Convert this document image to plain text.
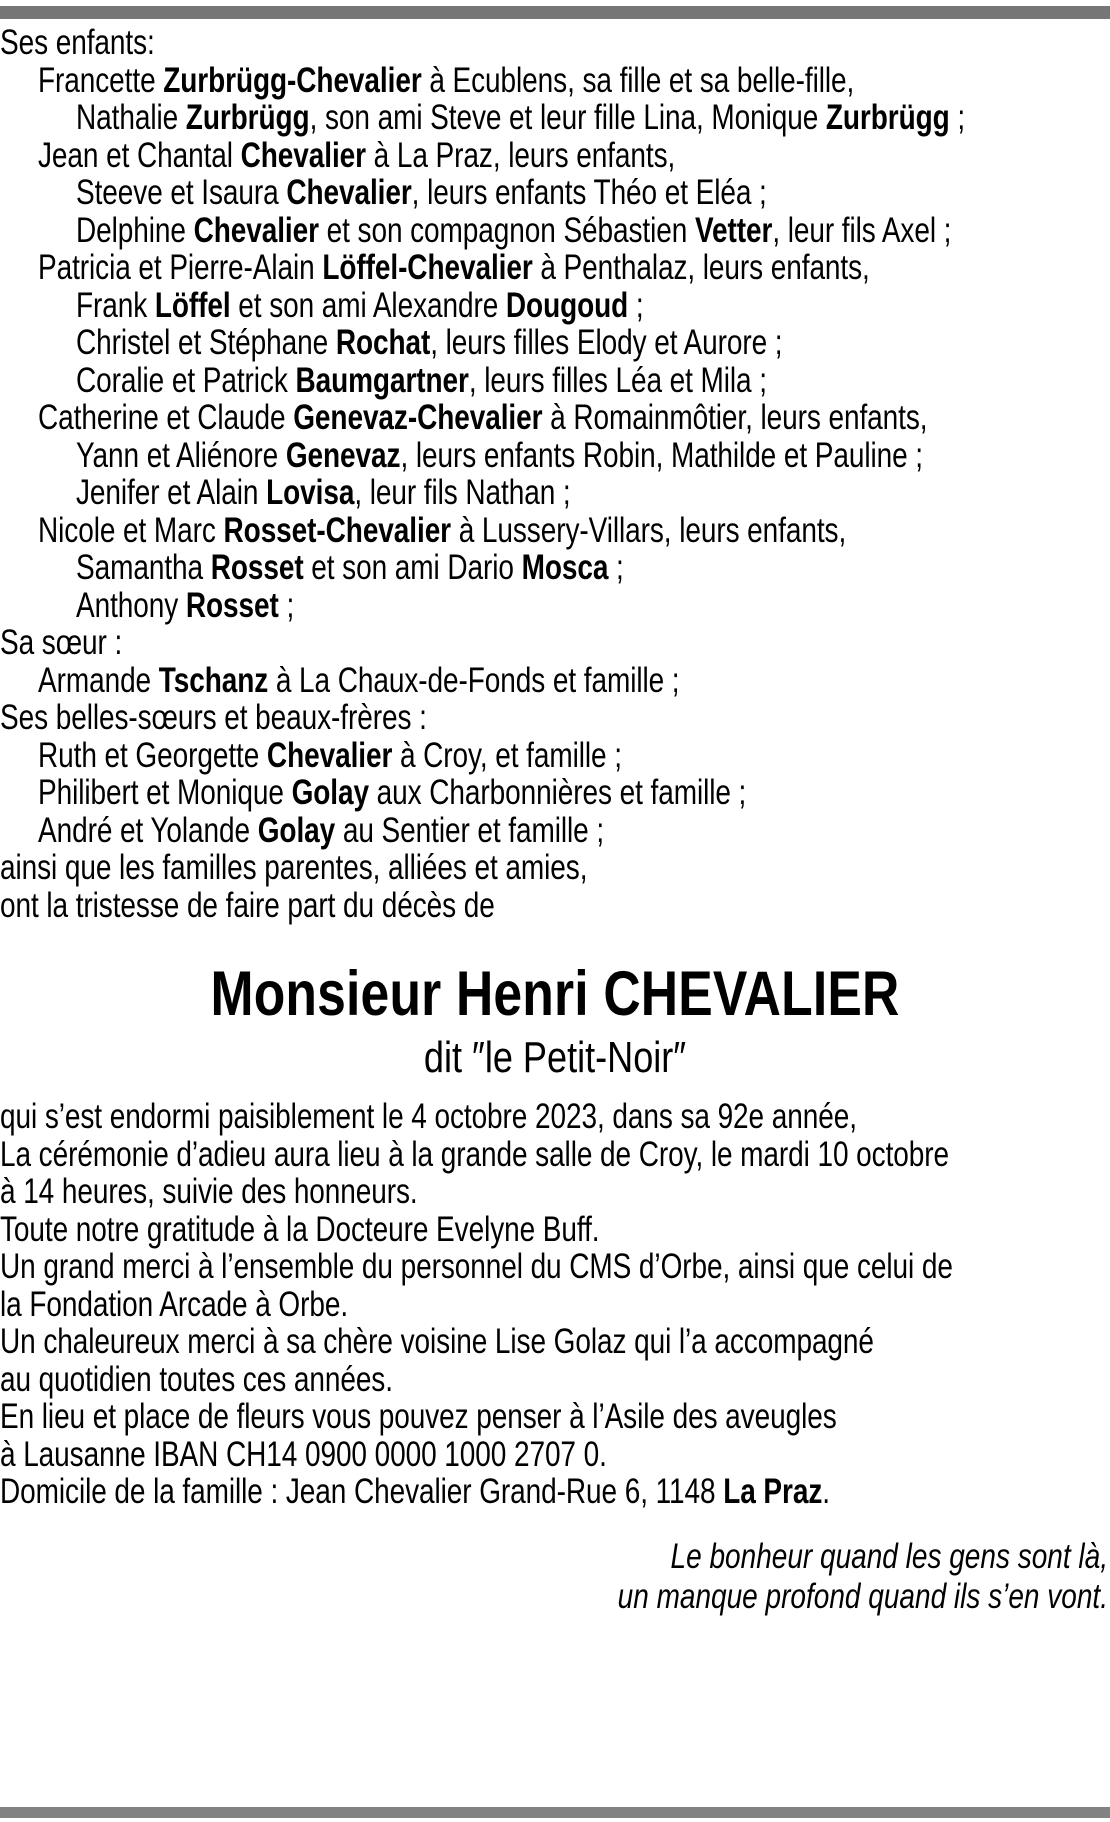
Ses enfants:
Francette Zurbrügg-Chevalier à Ecublens, sa fille et sa belle-fille,
Nathalie Zurbrügg, son ami Steve et leur fille Lina, Monique Zurbrügg ;
Jean et Chantal Chevalier à La Praz, leurs enfants,
Steeve et Isaura Chevalier, leurs enfants Théo et Eléa ;
Delphine Chevalier et son compagnon Sébastien Vetter, leur fils Axel ;
Patricia et Pierre-Alain Löffel-Chevalier à Penthalaz, leurs enfants,
Frank Löffel et son ami Alexandre Dougoud ;
Christel et Stéphane Rochat, leurs filles Elody et Aurore ;
Coralie et Patrick Baumgartner, leurs filles Léa et Mila ;
Catherine et Claude Genevaz-Chevalier à Romainmôtier, leurs enfants,
Yann et Aliénore Genevaz, leurs enfants Robin, Mathilde et Pauline ;
Jenifer et Alain Lovisa, leur fils Nathan ;
Nicole et Marc Rosset-Chevalier à Lussery-Villars, leurs enfants,
Samantha Rosset et son ami Dario Mosca ;
Anthony Rosset ;
Sa sœur :
Armande Tschanz à La Chaux-de-Fonds et famille ;
Ses belles-sœurs et beaux-frères :
Ruth et Georgette Chevalier à Croy, et famille ;
Philibert et Monique Golay aux Charbonnières et famille ;
André et Yolande Golay au Sentier et famille ;
ainsi que les familles parentes, alliées et amies,
ont la tristesse de faire part du décès de
Monsieur Henri CHEVALIER
dit ″le Petit-Noir″
qui s’est endormi paisiblement le 4 octobre 2023, dans sa 92e année,
La cérémonie d’adieu aura lieu à la grande salle de Croy, le mardi 10 octobre
à 14 heures, suivie des honneurs.
Toute notre gratitude à la Docteure Evelyne Buff.
Un grand merci à l’ensemble du personnel du CMS d’Orbe, ainsi que celui de
la Fondation Arcade à Orbe.
Un chaleureux merci à sa chère voisine Lise Golaz qui l’a accompagné
au quotidien toutes ces années.
En lieu et place de fleurs vous pouvez penser à l’Asile des aveugles
à Lausanne IBAN CH14 0900 0000 1000 2707 0.
Domicile de la famille : Jean Chevalier Grand-Rue 6, 1148 La Praz.
Le bonheur quand les gens sont là,
un manque profond quand ils s’en vont.
